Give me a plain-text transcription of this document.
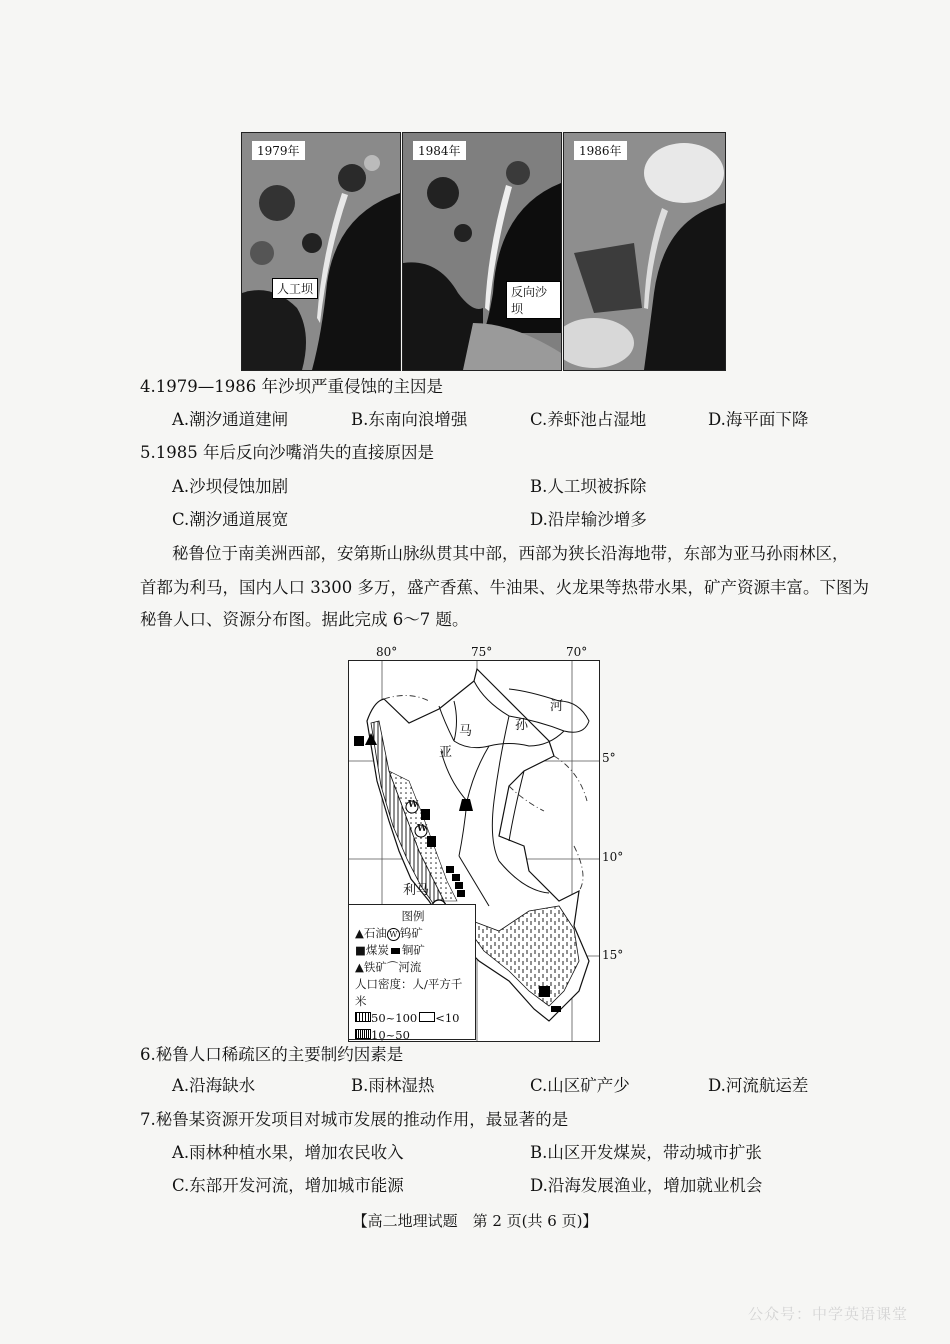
1979年
人工坝
1984年
反向沙坝
1986年
4.1979—1986 年沙坝严重侵蚀的主因是
A.潮汐通道建闸	B.东南向浪增强	C.养虾池占湿地	D.海平面下降
5.1985 年后反向沙嘴消失的直接原因是
A.沙坝侵蚀加剧	B.人工坝被拆除
C.潮汐通道展宽	D.沿岸输沙增多
秘鲁位于南美洲西部，安第斯山脉纵贯其中部，西部为狭长沿海地带，东部为亚马孙雨林区，
首都为利马，国内人口 3300 多万，盛产香蕉、牛油果、火龙果等热带水果，矿产资源丰富。下图为
秘鲁人口、资源分布图。据此完成 6～7 题。
80°	75°	70°
W
W
亚
马	孙
河
利马
5°
10°
15°
图例
▲石油 W 钨矿
■煤炭 铜矿
▲铁矿⌒河流
人口密度：人/平方千米
50~100 <10
10~50
6.秘鲁人口稀疏区的主要制约因素是
A.沿海缺水	B.雨林湿热	C.山区矿产少	D.河流航运差
7.秘鲁某资源开发项目对城市发展的推动作用，最显著的是
A.雨林种植水果，增加农民收入	B.山区开发煤炭，带动城市扩张
C.东部开发河流，增加城市能源	D.沿海发展渔业，增加就业机会
【高二地理试题　第 2 页(共 6 页)】
公众号：中学英语课堂
